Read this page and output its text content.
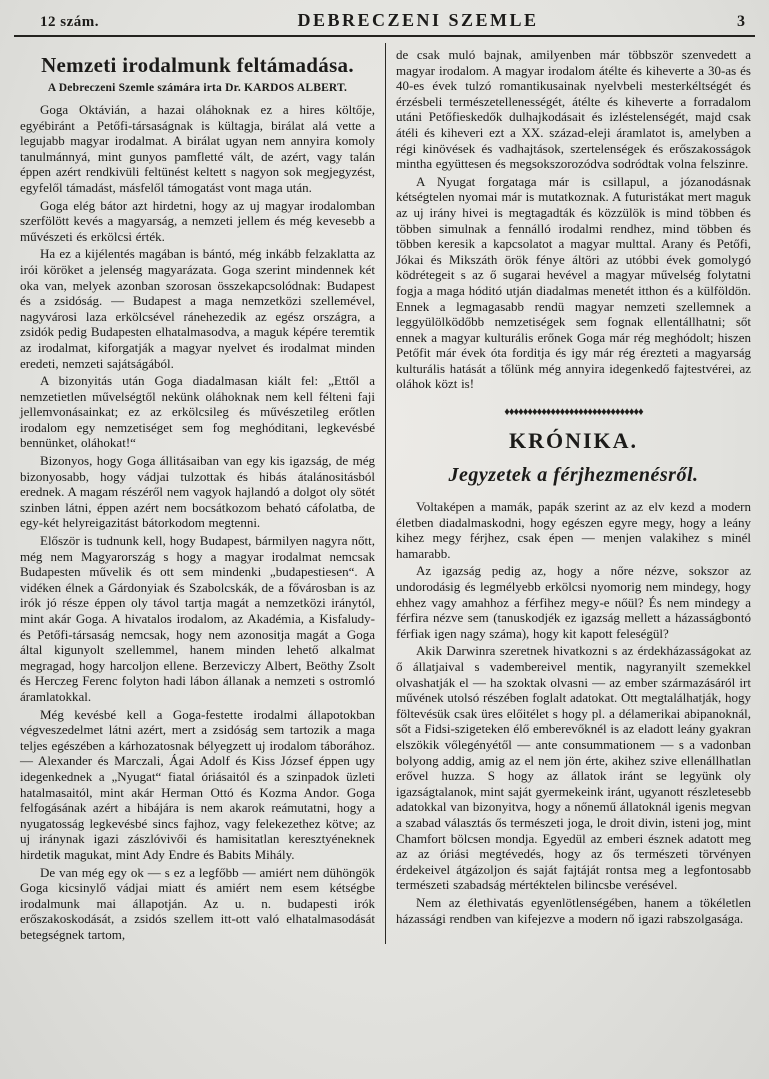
12 szám.	DEBRECZENI SZEMLE	3
Nemzeti irodalmunk feltámadása.
A Debreczeni Szemle számára irta Dr. KARDOS ALBERT.

Goga Oktávián, a hazai oláhoknak ez a hires költője, egyébiránt a Petőfi-társaságnak is kültagja, birálat alá vette a legujabb magyar irodalmat. A birálat ugyan nem annyira komoly tanulmánnyá, mint gunyos pamfletté vált, de azért, vagy talán éppen azért rendkivüli feltünést keltett s nagyon sok megjegyzést, egyfelől támadást, másfelől támogatást vont maga után.

Goga elég bátor azt hirdetni, hogy az uj magyar irodalomban szerfölött kevés a magyarság, a nemzeti jellem és még kevesebb a művészeti és erkölcsi érték.

Ha ez a kijélentés magában is bántó, még inkább felzaklatta az irói köröket a jelenség magyarázata. Goga szerint mindennek két oka van, melyek azonban szorosan összekapcsolódnak: Budapest és a zsidóság. — Budapest a maga nemzetközi szellemével, nagyvárosi laza erkölcsével ránehezedik az egész országra, a zsidók pedig Budapesten elhatalmasodva, a maguk képére teremtik az irodalmat, kiforgatják a magyar nyelvet és irodalmat minden eredeti, nemzeti sajátságából.

A bizonyitás után Goga diadalmasan kiált fel: „Ettől a nemzetietlen művelségtől nekünk oláhoknak nem kell félteni faji jellemvonásainkat; ez az erkölcsileg és művészetileg erőtlen irodalom egy nemzetiséget sem fog meghóditani, legkevésbé bennünket, oláhokat!“

Bizonyos, hogy Goga állitásaiban van egy kis igazság, de még bizonyosabb, hogy vádjai tulzottak és hibás átalánositásból erednek. A magam részéről nem vagyok hajlandó a dolgot oly sötét szinben látni, éppen azért nem bocsátkozom beható cáfolatba, de egy-két helyreigazitást bátorkodom megtenni.

Először is tudnunk kell, hogy Budapest, bármilyen nagyra nőtt, még nem Magyarország s hogy a magyar irodalmat nemcsak Budapesten művelik és ott sem mindenki „budapestiesen“. A vidéken élnek a Gárdonyiak és Szabolcskák, de a fővárosban is az irók jó része éppen oly távol tartja magát a nemzetközi iránytól, mint akár Goga. A hivatalos irodalom, az Akadémia, a Kisfaludy- és Petőfi-társaság nemcsak, hogy nem azonositja magát a Goga által kigunyolt szellemmel, hanem minden lehető alkalmat megragad, hogy harcoljon ellene. Berzeviczy Albert, Beöthy Zsolt és Herczeg Ferenc folyton hadi lábon állanak a nemzeti s ostromló áramlatokkal.

Még kevésbé kell a Goga-festette irodalmi állapotokban végveszedelmet látni azért, mert a zsidóság sem tartozik a maga teljes egészében a kárhozatosnak bélyegzett uj irodalom táborához. — Alexander és Marczali, Ágai Adolf és Kiss József éppen ugy idegenkednek a „Nyugat“ fiatal óriásaitól és a szinpadok üzleti hatalmasaitól, mint akár Herman Ottó és Kozma Andor. Goga felfogásának azért a hibájára is nem akarok reámutatni, hogy a nyugatosság legkevésbé sincs fajhoz, vagy felekezethez kötve; az uj iránynak igazi zászlóvivői és hamisitatlan keresztyéneknek hirdetik magukat, mint Ady Endre és Babits Mihály.

De van még egy ok — s ez a legfőbb — amiért nem dühöngök Goga kicsinylő vádjai miatt és amiért nem esem kétségbe irodalmunk mai állapotján. Az u. n. budapesti irók erőszakoskodását, a zsidós szellem itt-ott való elhatalmasodását betegségnek tartom,

de csak muló bajnak, amilyenben már többször szenvedett a magyar irodalom. A magyar irodalom átélte és kiheverte a 30-as és 40-es évek tulzó romantikusainak nyelvbeli mesterkéltségét és érzésbeli természetellenességét, átélte és kiheverte a forradalom utáni Petőfieskedők dulhajkodásait és izléstelenségét, majd csak átéli és kiheveri ezt a XX. század-eleji áramlatot is, amelyben a régi kinövések és vadhajtások, szertelenségek és erőszakosságok mintha együttesen és megsokszorozódva sodródtak volna felszinre.

A Nyugat forgataga már is csillapul, a józanodásnak kétségtelen nyomai már is mutatkoznak. A futuristákat mert maguk az uj irány hivei is megtagadták és közzülök is mind többen és többen simulnak a fennálló irodalmi rendhez, mind többen és többen keresik a kapcsolatot a magyar multtal. Arany és Petőfi, Jókai és Mikszáth örök fénye áltöri az utóbbi évek gomolygó ködrétegeit s az ő sugarai hevével a magyar művelség folytatni fogja a maga hóditó utján diadalmas menetét itthon és a külföldön. Ennek a legmagasabb rendü magyar nemzeti szellemnek a leggyülölködőbb nemzetiségek sem fognak ellentállhatni; sőt ennek a magyar kulturális erőnek Goga már rég meghódolt; hiszen Petőfit már évek óta forditja és igy már rég érezteti a magyarság kulturális hatását a tőlünk még annyira idegenkedő fajtestvérei, az oláhok közt is!

♦♦♦♦♦♦♦♦♦♦♦♦♦♦♦♦♦♦♦♦♦♦♦♦♦♦♦♦♦♦
KRÓNIKA.
Jegyzetek a férjhezmenésről.

Voltaképen a mamák, papák szerint az az elv kezd a modern életben diadalmaskodni, hogy egészen egyre megy, hogy a leány kihez megy férjhez, csak épen — menjen valakihez s minél hamarabb.

Az igazság pedig az, hogy a nőre nézve, sokszor az undorodásig és legmélyebb erkölcsi nyomorig nem mindegy, hogy ehhez vagy amahhoz a férfihez megy-e nőül? És nem mindegy a férfira nézve sem (tanuskodjék ez igazság mellett a házasságbontó férfiak igen nagy száma), hogy kit kapott feleségül?

Akik Darwinra szeretnek hivatkozni s az érdekházasságokat az ő állatjaival s vadembereivel mentik, nagyranyilt szemekkel olvashatják el — ha szoktak olvasni — az ember származásáról irt művének utolsó részében foglalt adatokat. Ott megtalálhatják, hogy föltevésük csak üres előitélet s hogy pl. a délamerikai abipanoknál, sőt a Fidsi-szigeteken élő emberevőknél is az eladott leány gyakran elszökik vőlegényétől — ante consummationem — s a vadonban bolyong addig, amig az el nem jön érte, akihez szive ellenállhatlan erővel huzza. S hogy az állatok iránt se legyünk oly igazságtalanok, mint saját gyermekeink iránt, ugyanott részletesebb adatokkal van bizonyitva, hogy a nőnemű állatoknál igenis megvan a szabad választás ős természeti joga, le droit divin, isteni jog, mint Chamfort bölcsen mondja. Egyedül az emberi észnek adatott meg az az óriási megtévedés, hogy az ős természeti törvényen érdekeivel átgázoljon és saját fajtáját rontsa meg a legfontosabb természeti szabadság mértéktelen bilincsbe verésével.

Nem az élethivatás egyenlötlenségében, hanem a tökéletlen házassági rendben van kifejezve a modern nő igazi rabszolgasága.
